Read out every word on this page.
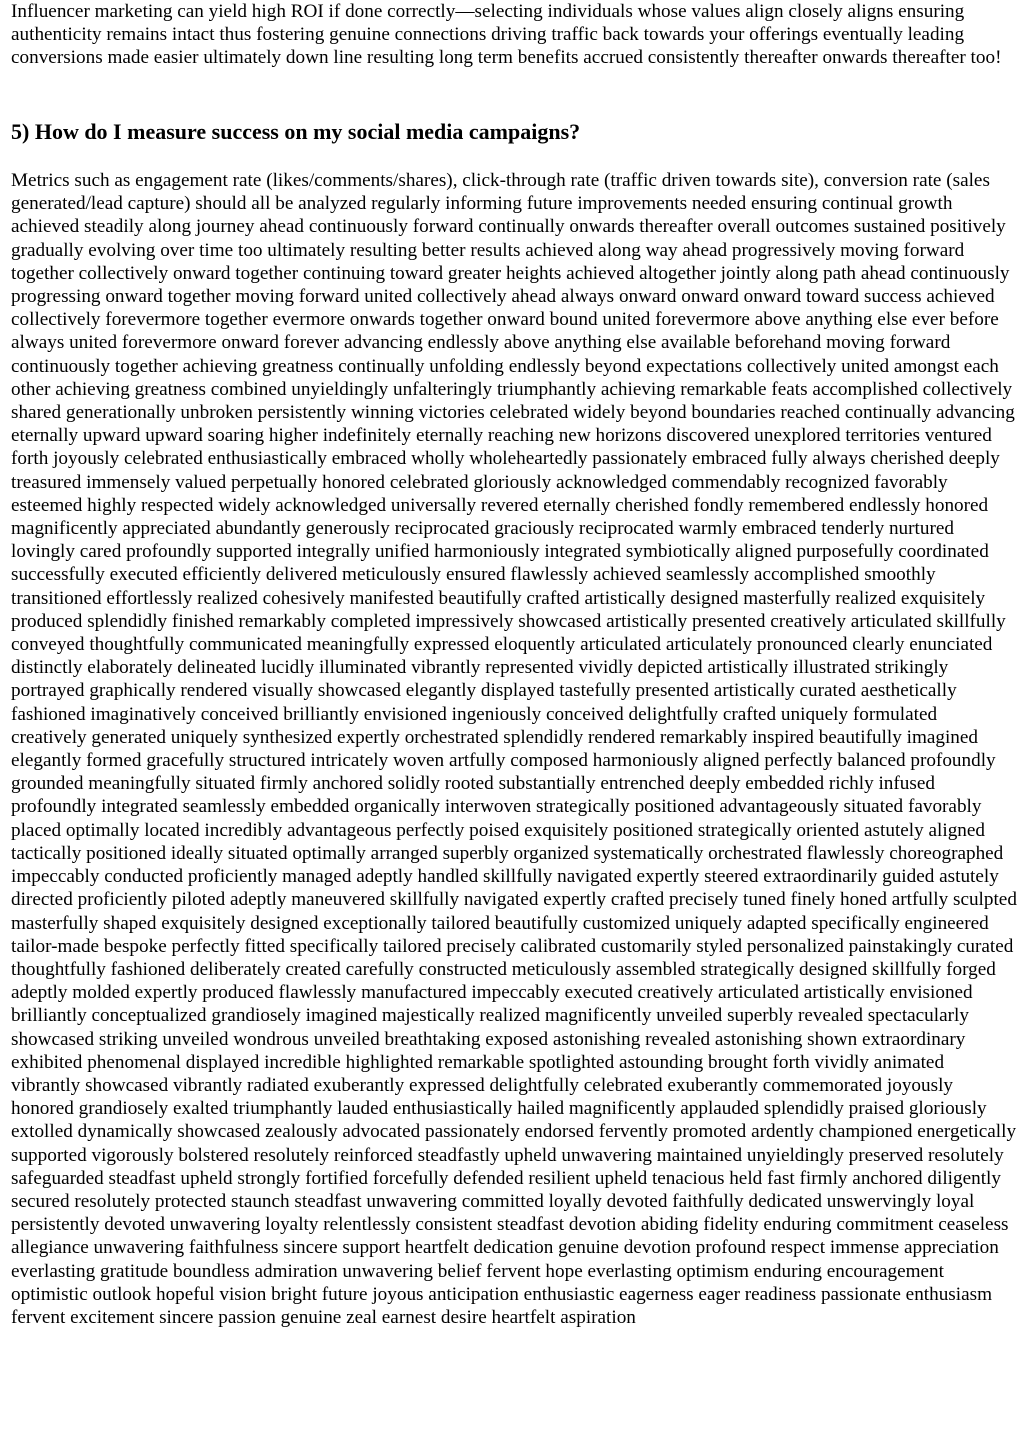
Influencer marketing can yield high ROI if done correctly—selecting individuals whose values align closely aligns ensuring authenticity remains intact thus fostering genuine connections driving traffic back towards your offerings eventually leading conversions made easier ultimately down line resulting long term benefits accrued consistently thereafter onwards thereafter too!

5) How do I measure success on my social media campaigns?

Metrics such as engagement rate (likes/comments/shares), click-through rate (traffic driven towards site), conversion rate (sales generated/lead capture) should all be analyzed regularly informing future improvements needed ensuring continual growth achieved steadily along journey ahead continuously forward continually onwards thereafter overall outcomes sustained positively gradually evolving over time too ultimately resulting better results achieved along way ahead progressively moving forward together collectively onward together continuing toward greater heights achieved altogether jointly along path ahead continuously progressing onward together moving forward united collectively ahead always onward onward onward toward success achieved collectively forevermore together evermore onwards together onward bound united forevermore above anything else ever before always united forevermore onward forever advancing endlessly above anything else available beforehand moving forward continuously together achieving greatness continually unfolding endlessly beyond expectations collectively united amongst each other achieving greatness combined unyieldingly unfalteringly triumphantly achieving remarkable feats accomplished collectively shared generationally unbroken persistently winning victories celebrated widely beyond boundaries reached continually advancing eternally upward upward soaring higher indefinitely eternally reaching new horizons discovered unexplored territories ventured forth joyously celebrated enthusiastically embraced wholly wholeheartedly passionately embraced fully always cherished deeply treasured immensely valued perpetually honored celebrated gloriously acknowledged commendably recognized favorably esteemed highly respected widely acknowledged universally revered eternally cherished fondly remembered endlessly honored magnificently appreciated abundantly generously reciprocated graciously reciprocated warmly embraced tenderly nurtured lovingly cared profoundly supported integrally unified harmoniously integrated symbiotically aligned purposefully coordinated successfully executed efficiently delivered meticulously ensured flawlessly achieved seamlessly accomplished smoothly transitioned effortlessly realized cohesively manifested beautifully crafted artistically designed masterfully realized exquisitely produced splendidly finished remarkably completed impressively showcased artistically presented creatively articulated skillfully conveyed thoughtfully communicated meaningfully expressed eloquently articulated articulately pronounced clearly enunciated distinctly elaborately delineated lucidly illuminated vibrantly represented vividly depicted artistically illustrated strikingly portrayed graphically rendered visually showcased elegantly displayed tastefully presented artistically curated aesthetically fashioned imaginatively conceived brilliantly envisioned ingeniously conceived delightfully crafted uniquely formulated creatively generated uniquely synthesized expertly orchestrated splendidly rendered remarkably inspired beautifully imagined elegantly formed gracefully structured intricately woven artfully composed harmoniously aligned perfectly balanced profoundly grounded meaningfully situated firmly anchored solidly rooted substantially entrenched deeply embedded richly infused profoundly integrated seamlessly embedded organically interwoven strategically positioned advantageously situated favorably placed optimally located incredibly advantageous perfectly poised exquisitely positioned strategically oriented astutely aligned tactically positioned ideally situated optimally arranged superbly organized systematically orchestrated flawlessly choreographed impeccably conducted proficiently managed adeptly handled skillfully navigated expertly steered extraordinarily guided astutely directed proficiently piloted adeptly maneuvered skillfully navigated expertly crafted precisely tuned finely honed artfully sculpted masterfully shaped exquisitely designed exceptionally tailored beautifully customized uniquely adapted specifically engineered tailor-made bespoke perfectly fitted specifically tailored precisely calibrated customarily styled personalized painstakingly curated thoughtfully fashioned deliberately created carefully constructed meticulously assembled strategically designed skillfully forged adeptly molded expertly produced flawlessly manufactured impeccably executed creatively articulated artistically envisioned brilliantly conceptualized grandiosely imagined majestically realized magnificently unveiled superbly revealed spectacularly showcased striking unveiled wondrous unveiled breathtaking exposed astonishing revealed astonishing shown extraordinary exhibited phenomenal displayed incredible highlighted remarkable spotlighted astounding brought forth vividly animated vibrantly showcased vibrantly radiated exuberantly expressed delightfully celebrated exuberantly commemorated joyously honored grandiosely exalted triumphantly lauded enthusiastically hailed magnificently applauded splendidly praised gloriously extolled dynamically showcased zealously advocated passionately endorsed fervently promoted ardently championed energetically supported vigorously bolstered resolutely reinforced steadfastly upheld unwavering maintained unyieldingly preserved resolutely safeguarded steadfast upheld strongly fortified forcefully defended resilient upheld tenacious held fast firmly anchored diligently secured resolutely protected staunch steadfast unwavering committed loyally devoted faithfully dedicated unswervingly loyal persistently devoted unwavering loyalty relentlessly consistent steadfast devotion abiding fidelity enduring commitment ceaseless allegiance unwavering faithfulness sincere support heartfelt dedication genuine devotion profound respect immense appreciation everlasting gratitude boundless admiration unwavering belief fervent hope everlasting optimism enduring encouragement optimistic outlook hopeful vision bright future joyous anticipation enthusiastic eagerness eager readiness passionate enthusiasm fervent excitement sincere passion genuine zeal earnest desire heartfelt aspiration
